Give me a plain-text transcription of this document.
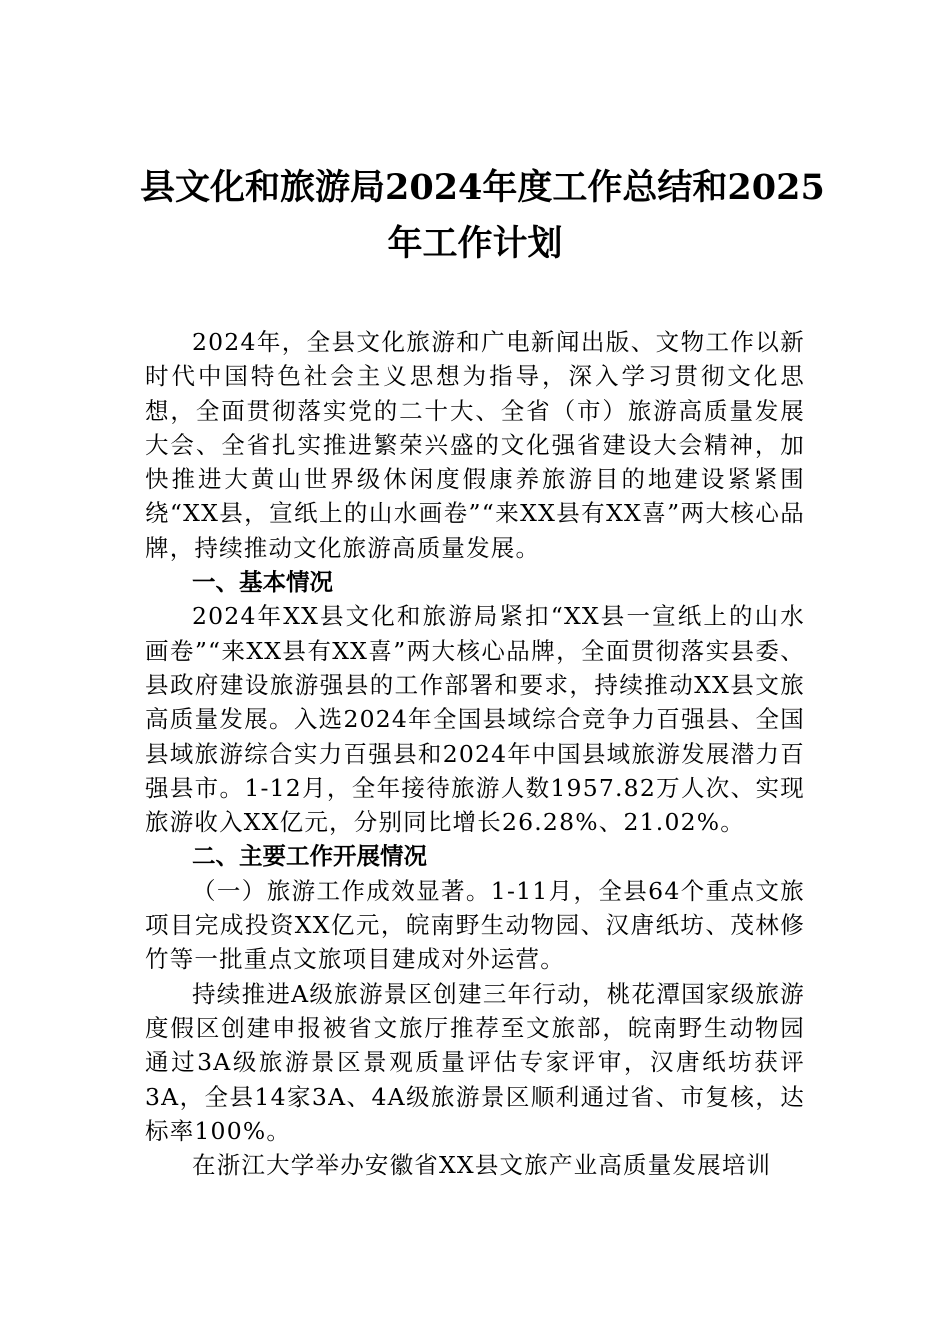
县文化和旅游局2024年度工作总结和2025
年工作计划

2024年，全县文化旅游和广电新闻出版、文物工作以新时代中国特色社会主义思想为指导，深入学习贯彻文化思想，全面贯彻落实党的二十大、全省（市）旅游高质量发展大会、全省扎实推进繁荣兴盛的文化强省建设大会精神，加快推进大黄山世界级休闲度假康养旅游目的地建设紧紧围绕“XX县，宣纸上的山水画卷”“来XX县有XX喜”两大核心品牌，持续推动文化旅游高质量发展。

一、基本情况

2024年XX县文化和旅游局紧扣“XX县一宣纸上的山水画卷”“来XX县有XX喜”两大核心品牌，全面贯彻落实县委、县政府建设旅游强县的工作部署和要求，持续推动XX县文旅高质量发展。入选2024年全国县域综合竞争力百强县、全国县域旅游综合实力百强县和2024年中国县域旅游发展潜力百强县市。1-12月，全年接待旅游人数1957.82万人次、实现旅游收入XX亿元，分别同比增长26.28%、21.02%。

二、主要工作开展情况

（一）旅游工作成效显著。1-11月，全县64个重点文旅项目完成投资XX亿元，皖南野生动物园、汉唐纸坊、茂林修竹等一批重点文旅项目建成对外运营。

持续推进A级旅游景区创建三年行动，桃花潭国家级旅游度假区创建申报被省文旅厅推荐至文旅部，皖南野生动物园通过3A级旅游景区景观质量评估专家评审，汉唐纸坊获评3A，全县14家3A、4A级旅游景区顺利通过省、市复核，达标率100%。

在浙江大学举办安徽省XX县文旅产业高质量发展培训
